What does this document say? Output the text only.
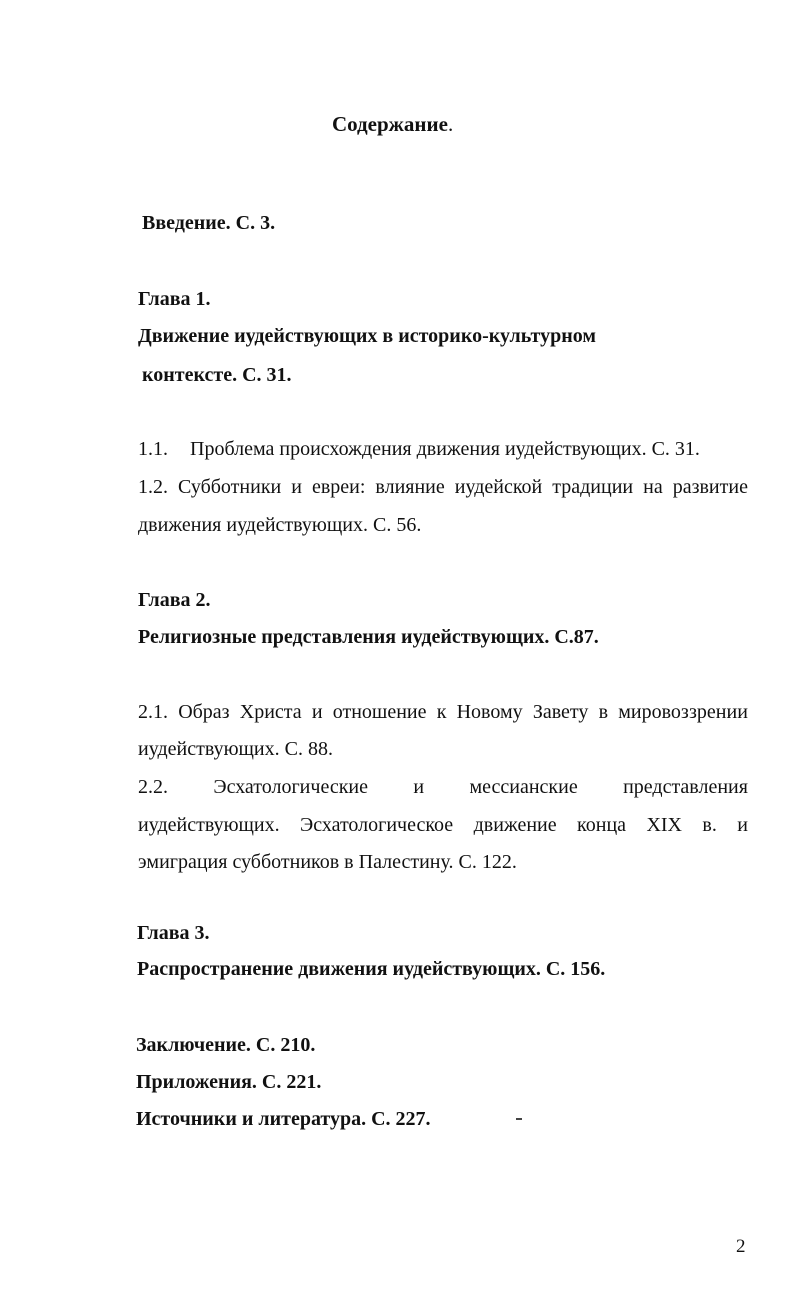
Содержание.
Введение. С. 3.
Глава 1.
Движение иудействующих в историко-культурном
контексте. С. 31.
1.1. Проблема происхождения движения иудействующих. С. 31.
1.2. Субботники и евреи: влияние иудейской традиции на развитие
движения иудействующих. С. 56.
Глава 2.
Религиозные представления иудействующих. С.87.
2.1. Образ Христа и отношение к Новому Завету в мировоззрении
иудействующих. С. 88.
2.2. Эсхатологические и мессианские представления
иудействующих. Эсхатологическое движение конца XIX в. и
эмиграция субботников в Палестину. С. 122.
Глава 3.
Распространение движения иудействующих. С. 156.
Заключение. С. 210.
Приложения. С. 221.
Источники и литература. С. 227.
2
